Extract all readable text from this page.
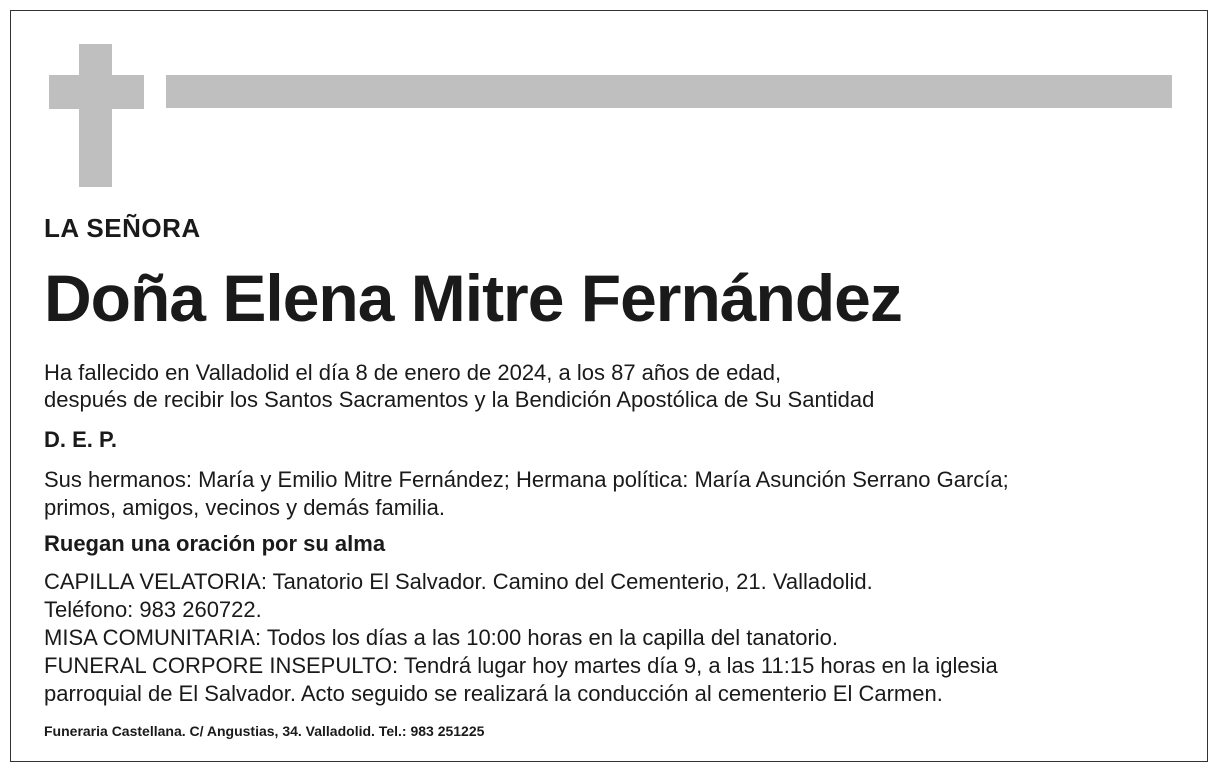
LA SEÑORA
Doña Elena Mitre Fernández
Ha fallecido en Valladolid el día 8 de enero de 2024, a los 87 años de edad,
después de recibir los Santos Sacramentos y la Bendición Apostólica de Su Santidad
D. E. P.
Sus hermanos: María y Emilio Mitre Fernández; Hermana política: María Asunción Serrano García;
primos, amigos, vecinos y demás familia.
Ruegan una oración por su alma
CAPILLA VELATORIA: Tanatorio El Salvador. Camino del Cementerio, 21. Valladolid.
Teléfono: 983 260722.
MISA COMUNITARIA: Todos los días a las 10:00 horas en la capilla del tanatorio.
FUNERAL CORPORE INSEPULTO: Tendrá lugar hoy martes día 9, a las 11:15 horas en la iglesia
parroquial de El Salvador. Acto seguido se realizará la conducción al cementerio El Carmen.
Funeraria Castellana. C/ Angustias, 34. Valladolid. Tel.: 983 251225
